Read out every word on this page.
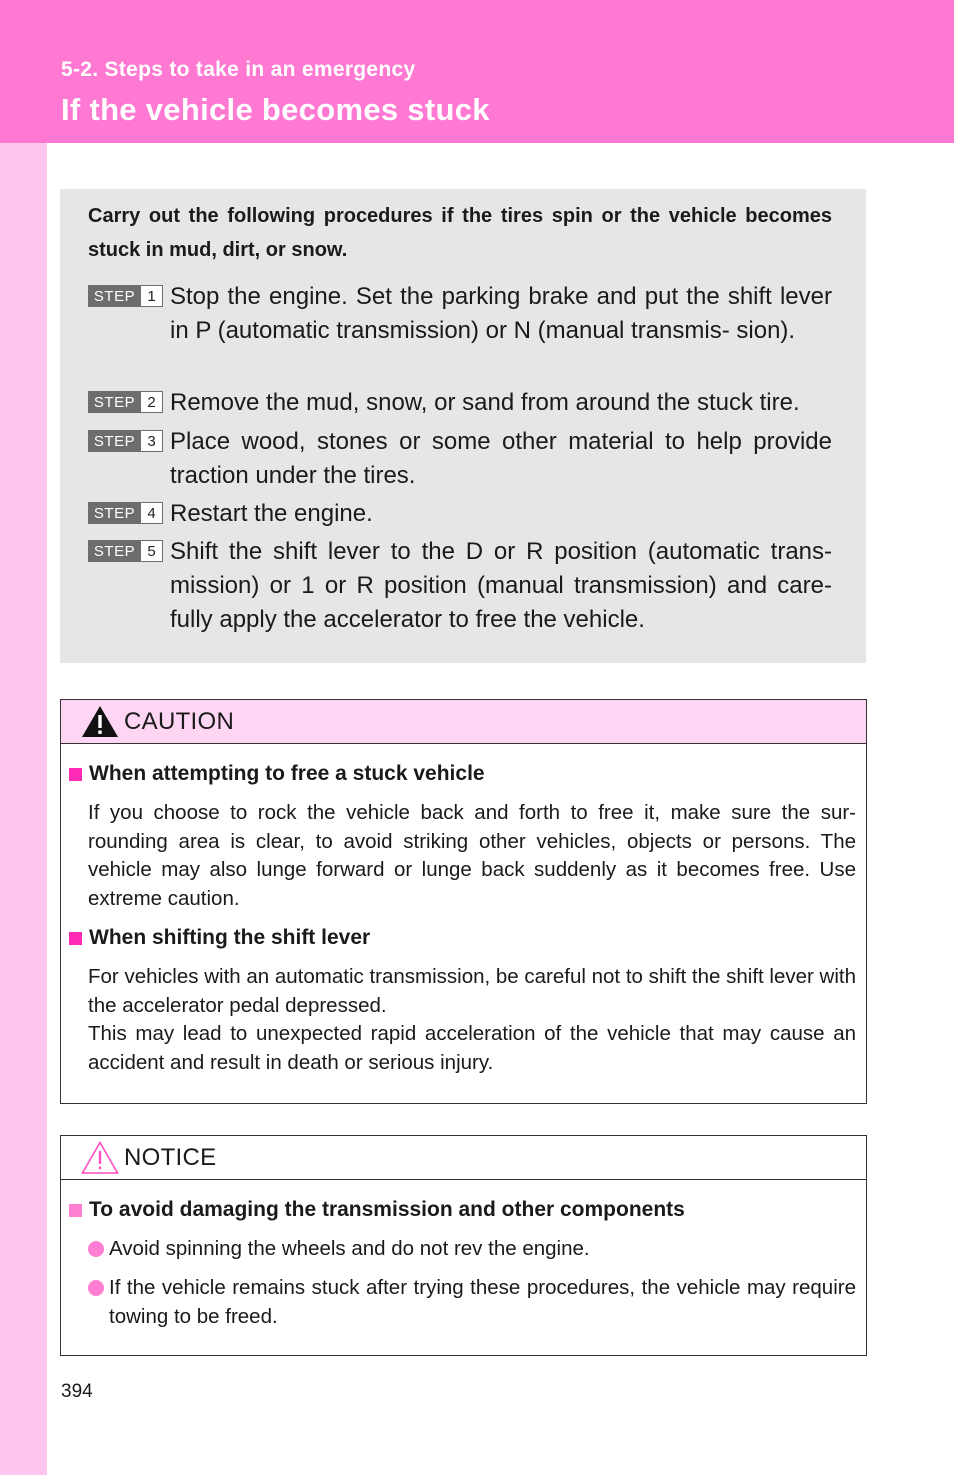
5-2. Steps to take in an emergency
If the vehicle becomes stuck
Carry out the following procedures if the tires spin or the vehicle becomes stuck in mud, dirt, or snow.
STEP 1 Stop the engine. Set the parking brake and put the shift lever in P (automatic transmission) or N (manual transmis- sion).
STEP 2 Remove the mud, snow, or sand from around the stuck tire.
STEP 3 Place wood, stones or some other material to help provide traction under the tires.
STEP 4 Restart the engine.
STEP 5 Shift the shift lever to the D or R position (automatic trans- mission) or 1 or R position (manual transmission) and care- fully apply the accelerator to free the vehicle.
CAUTION
When attempting to free a stuck vehicle
If you choose to rock the vehicle back and forth to free it, make sure the sur- rounding area is clear, to avoid striking other vehicles, objects or persons. The vehicle may also lunge forward or lunge back suddenly as it becomes free. Use extreme caution.
When shifting the shift lever
For vehicles with an automatic transmission, be careful not to shift the shift lever with the accelerator pedal depressed.
This may lead to unexpected rapid acceleration of the vehicle that may cause an accident and result in death or serious injury.
NOTICE
To avoid damaging the transmission and other components
Avoid spinning the wheels and do not rev the engine.
If the vehicle remains stuck after trying these procedures, the vehicle may require towing to be freed.
394
